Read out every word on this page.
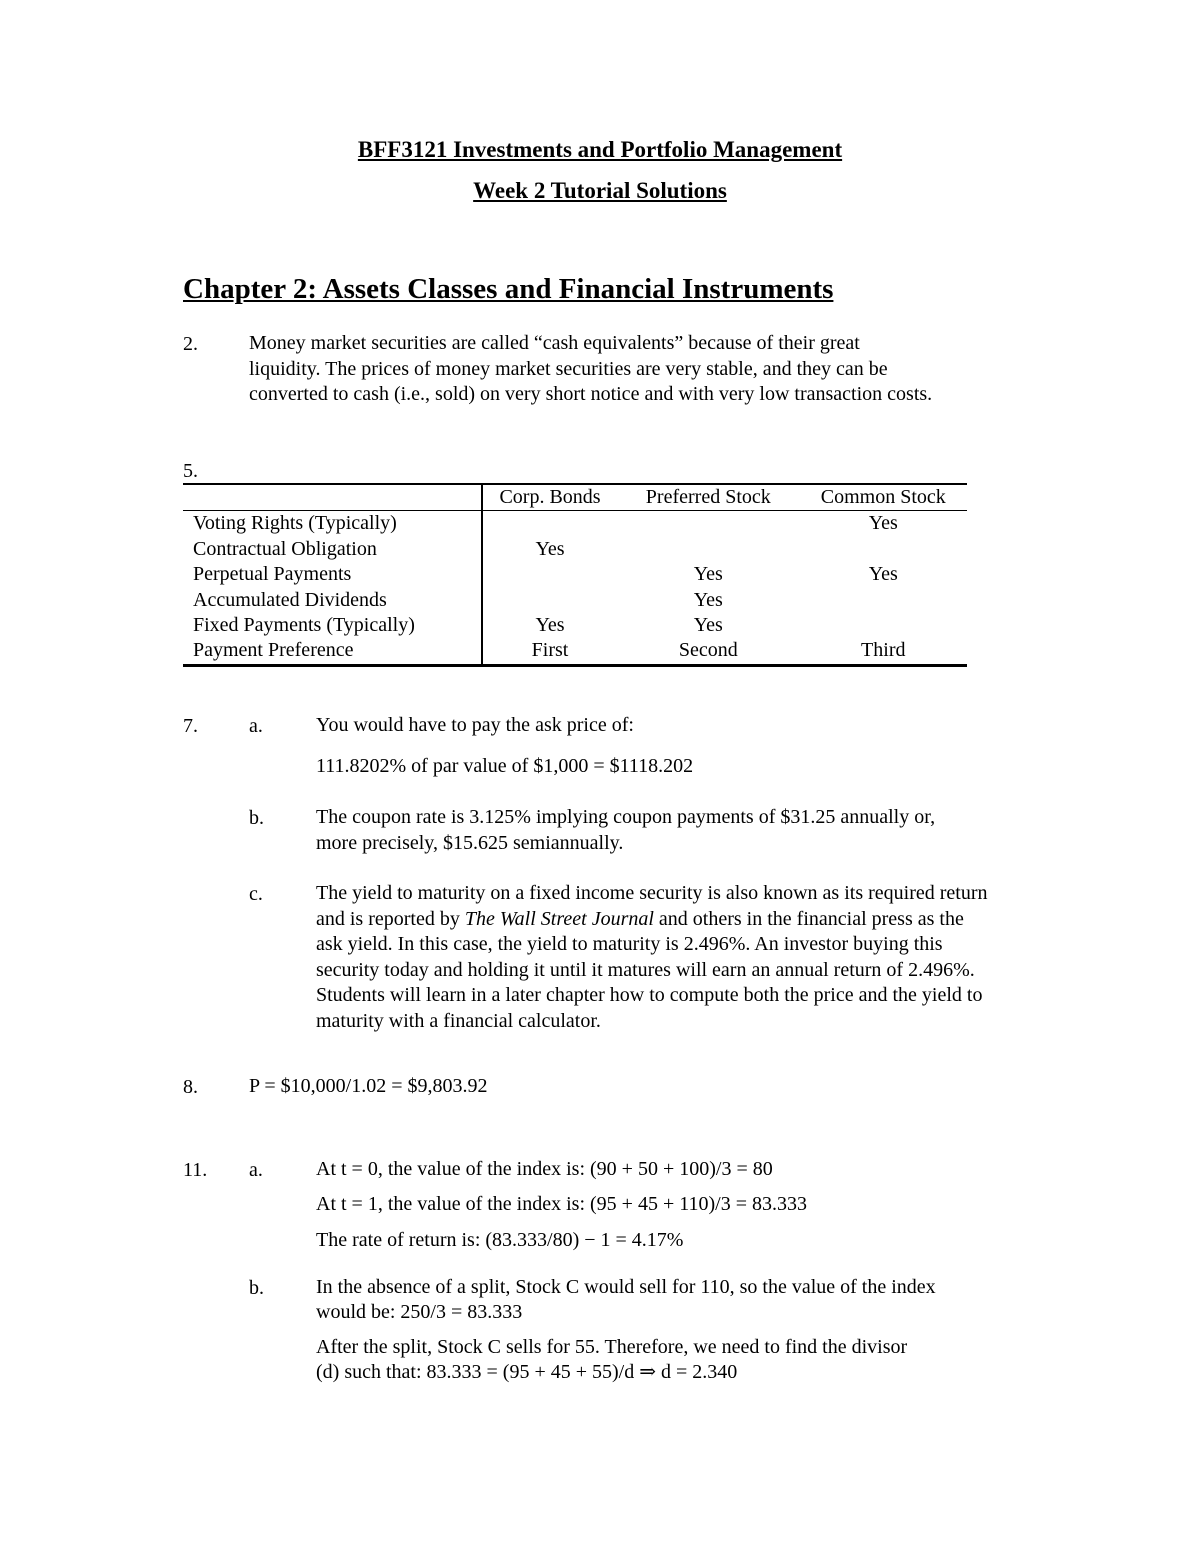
BFF3121 Investments and Portfolio Management
Week 2 Tutorial Solutions
Chapter 2: Assets Classes and Financial Instruments
2.	Money market securities are called “cash equivalents” because of their great
liquidity. The prices of money market securities are very stable, and they can be
converted to cash (i.e., sold) on very short notice and with very low transaction costs.
5.
	Corp. Bonds	Preferred Stock	Common Stock
Voting Rights (Typically)			Yes
Contractual Obligation	Yes		
Perpetual Payments		Yes	Yes
Accumulated Dividends		Yes	
Fixed Payments (Typically)	Yes	Yes	
Payment Preference	First	Second	Third
7.	a.	You would have to pay the ask price of:
111.8202% of par value of $1,000 = $1118.202
b.	The coupon rate is 3.125% implying coupon payments of $31.25 annually or,
more precisely, $15.625 semiannually.
c.	The yield to maturity on a fixed income security is also known as its required return
and is reported by The Wall Street Journal and others in the financial press as the
ask yield. In this case, the yield to maturity is 2.496%. An investor buying this
security today and holding it until it matures will earn an annual return of 2.496%.
Students will learn in a later chapter how to compute both the price and the yield to
maturity with a financial calculator.
8.	P = $10,000/1.02 = $9,803.92
11. a.	At t = 0, the value of the index is: (90 + 50 + 100)/3 = 80
At t = 1, the value of the index is: (95 + 45 + 110)/3 = 83.333
The rate of return is: (83.333/80) − 1 = 4.17%
b.	In the absence of a split, Stock C would sell for 110, so the value of the index
would be: 250/3 = 83.333
After the split, Stock C sells for 55. Therefore, we need to find the divisor
(d) such that: 83.333 = (95 + 45 + 55)/d ⇒ d = 2.340
